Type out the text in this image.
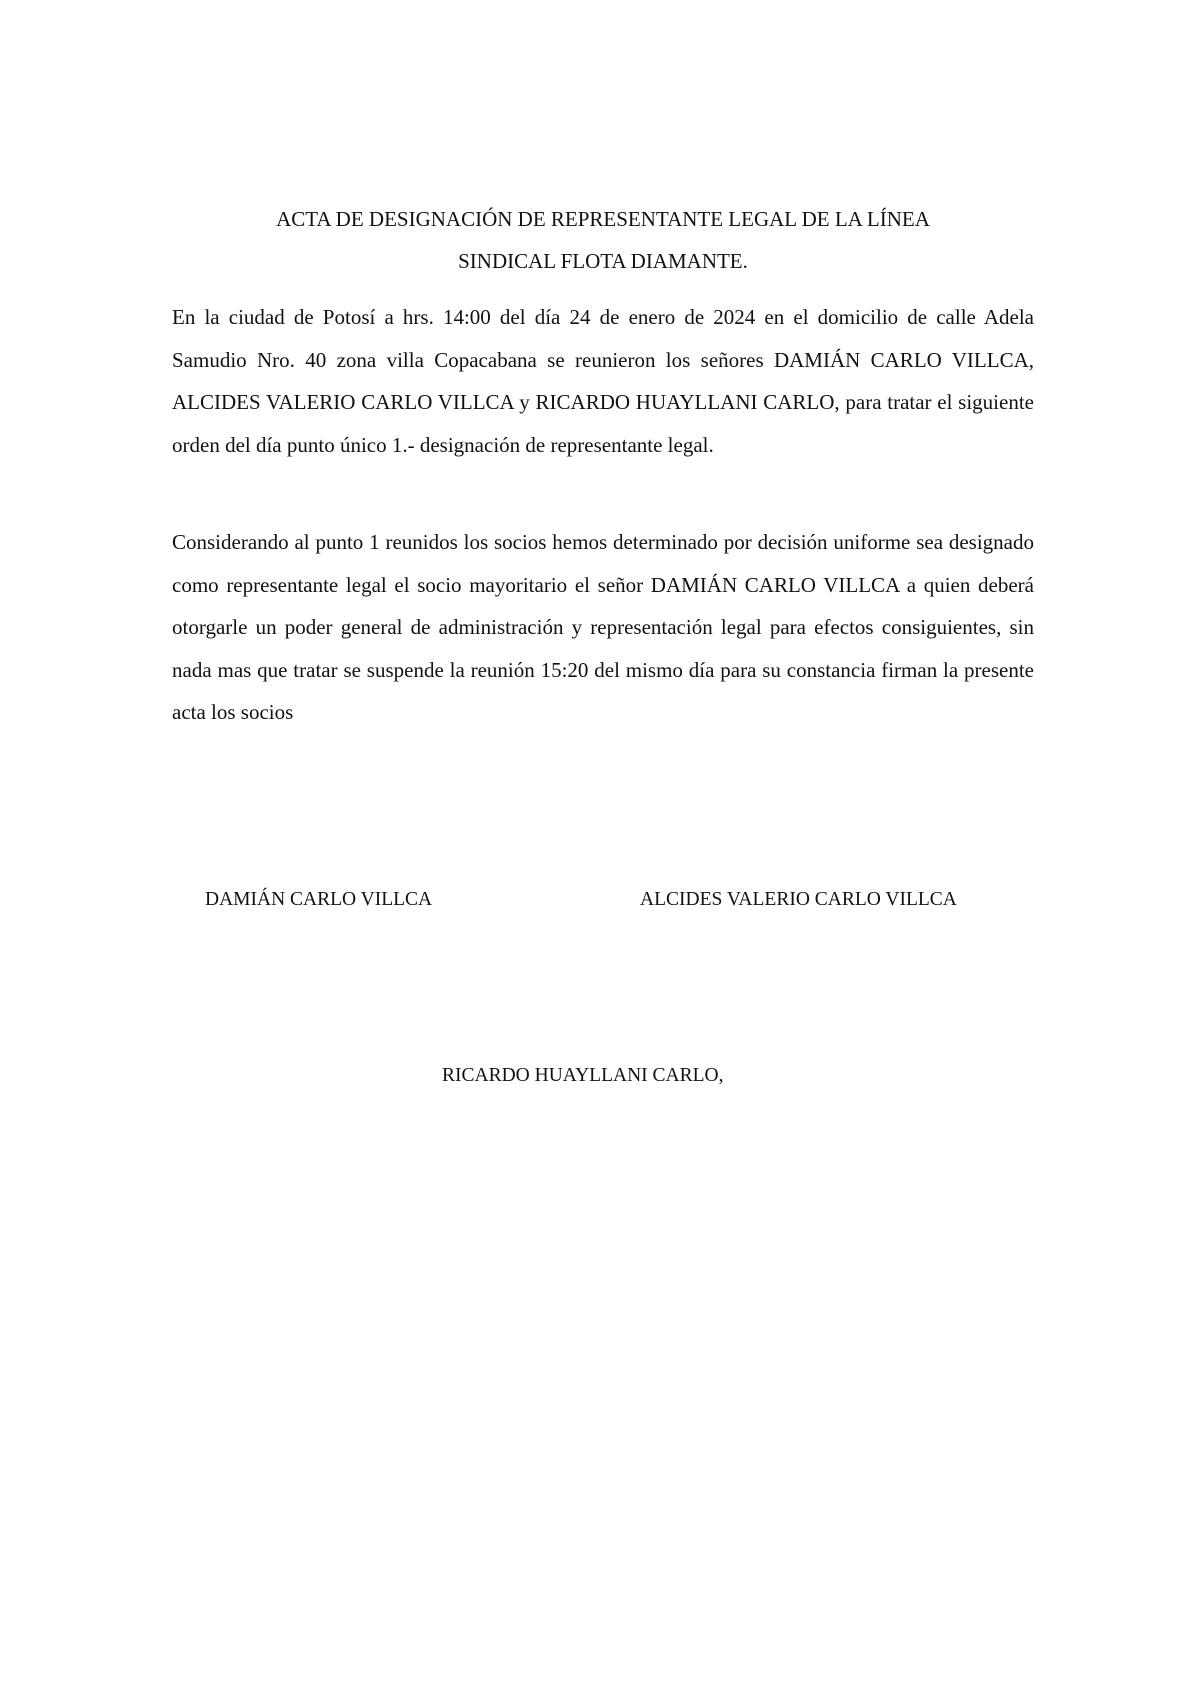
ACTA DE DESIGNACIÓN DE REPRESENTANTE LEGAL DE LA LÍNEA
SINDICAL FLOTA DIAMANTE.

En la ciudad de Potosí a hrs. 14:00 del día 24 de enero de 2024 en el domicilio de calle Adela Samudio Nro. 40 zona villa Copacabana se reunieron los señores DAMIÁN CARLO VILLCA, ALCIDES VALERIO CARLO VILLCA y RICARDO HUAYLLANI CARLO, para tratar el siguiente orden del día punto único 1.- designación de representante legal.

Considerando al punto 1 reunidos los socios hemos determinado por decisión uniforme sea designado como representante legal el socio mayoritario el señor DAMIÁN CARLO VILLCA a quien deberá otorgarle un poder general de administración y representación legal para efectos consiguientes, sin nada mas que tratar se suspende la reunión 15:20 del mismo día para su constancia firman la presente acta los socios

DAMIÁN CARLO VILLCA	ALCIDES VALERIO CARLO VILLCA
RICARDO HUAYLLANI CARLO,
